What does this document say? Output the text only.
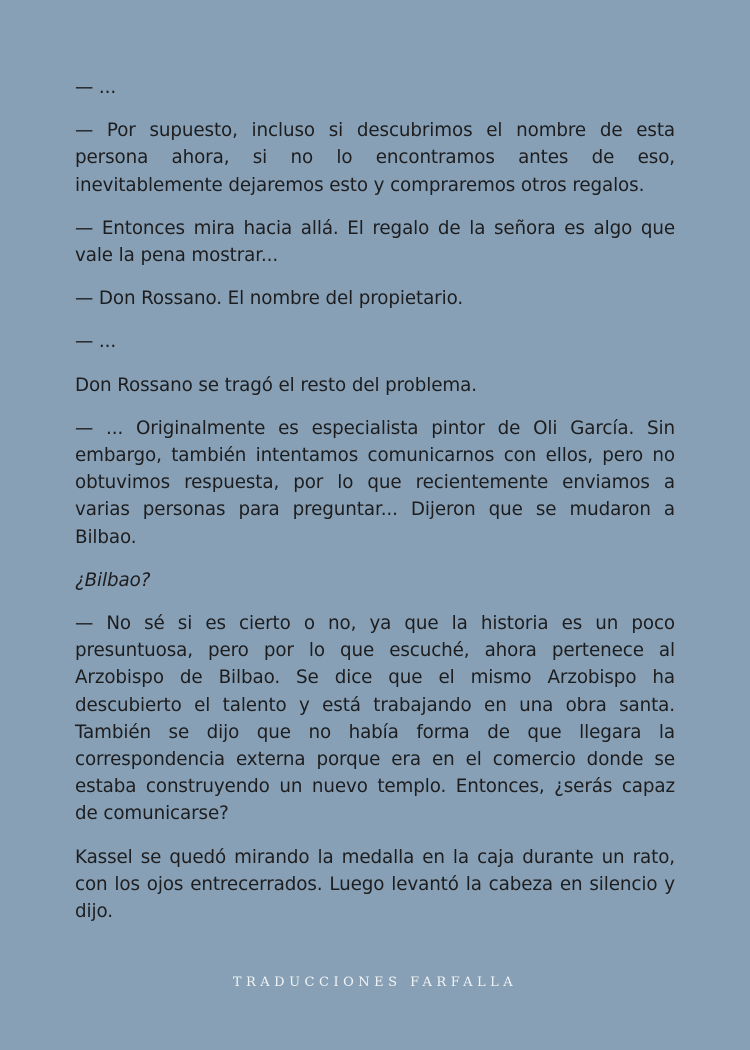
— ...

— Por supuesto, incluso si descubrimos el nombre de esta persona ahora, si no lo encontramos antes de eso, inevitablemente dejaremos esto y compraremos otros regalos.

— Entonces mira hacia allá. El regalo de la señora es algo que vale la pena mostrar...

— Don Rossano. El nombre del propietario.

— ...

Don Rossano se tragó el resto del problema.

— ... Originalmente es especialista pintor de Oli García. Sin embargo, también intentamos comunicarnos con ellos, pero no obtuvimos respuesta, por lo que recientemente enviamos a varias personas para preguntar... Dijeron que se mudaron a Bilbao.

¿Bilbao?

— No sé si es cierto o no, ya que la historia es un poco presuntuosa, pero por lo que escuché, ahora pertenece al Arzobispo de Bilbao. Se dice que el mismo Arzobispo ha descubierto el talento y está trabajando en una obra santa. También se dijo que no había forma de que llegara la correspondencia externa porque era en el comercio donde se estaba construyendo un nuevo templo. Entonces, ¿serás capaz de comunicarse?

Kassel se quedó mirando la medalla en la caja durante un rato, con los ojos entrecerrados. Luego levantó la cabeza en silencio y dijo.

TRADUCCIONES FARFALLA
